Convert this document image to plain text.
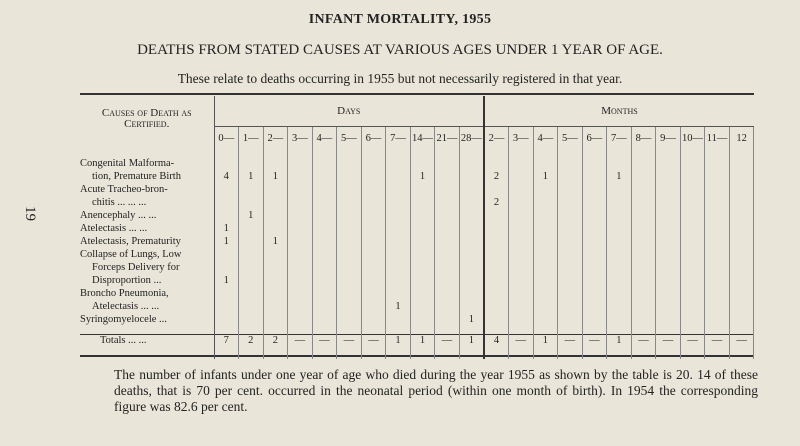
19
INFANT MORTALITY, 1955
DEATHS FROM STATED CAUSES AT VARIOUS AGES UNDER 1 YEAR OF AGE.
These relate to deaths occurring in 1955 but not necessarily registered in that year.
Causes of Death as Certified.	Days											Months										
	0—	1—	2—	3—	4—	5—	6—	7—	14—	21—	28—	2—	3—	4—	5—	6—	7—	8—	9—	10—	11—	12
Congenital Malforma-																						
tion, Premature Birth	4	1	1						1			2		1			1					
Acute Tracheo-bron-																						
chitis ... ... ...												2										
Anencephaly ... ...		1																				
Atelectasis ... ...	1																					
Atelectasis, Prematurity	1		1																			
Collapse of Lungs, Low																						
Forceps Delivery for																						
Disproportion ...	1																					
Broncho Pneumonia,																						
Atelectasis ... ...								1														
Syringomyelocele ...											1											
Totals ... ...	7	2	2	—	—	—	—	1	1	—	1	4	—	1	—	—	1	—	—	—	—	—
The number of infants under one year of age who died during the year 1955 as shown by the table is 20. 14 of these deaths, that is 70 per cent. occurred in the neonatal period (within one month of birth). In 1954 the corresponding figure was 82.6 per cent.
